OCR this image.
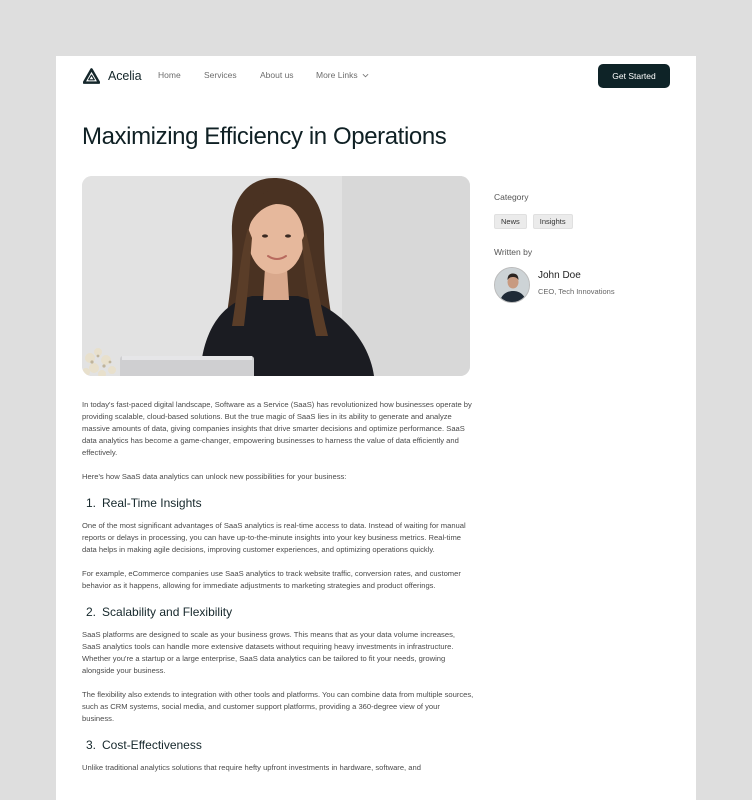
Acelia Home	Services	About us	More Links	Get Started
Maximizing Efficiency in Operations
Category
News	Insights
Written by
John Doe
CEO, Tech Innovations

In today's fast-paced digital landscape, Software as a Service (SaaS) has revolutionized how businesses operate by providing scalable, cloud-based solutions. But the true magic of SaaS lies in its ability to generate and analyze massive amounts of data, giving companies insights that drive smarter decisions and optimize performance. SaaS data analytics has become a game-changer, empowering businesses to harness the value of data efficiently and effectively.

Here's how SaaS data analytics can unlock new possibilities for your business:

1. Real-Time Insights

One of the most significant advantages of SaaS analytics is real-time access to data. Instead of waiting for manual reports or delays in processing, you can have up-to-the-minute insights into your key business metrics. Real-time data helps in making agile decisions, improving customer experiences, and optimizing operations quickly.

For example, eCommerce companies use SaaS analytics to track website traffic, conversion rates, and customer behavior as it happens, allowing for immediate adjustments to marketing strategies and product offerings.

2. Scalability and Flexibility

SaaS platforms are designed to scale as your business grows. This means that as your data volume increases, SaaS analytics tools can handle more extensive datasets without requiring heavy investments in infrastructure. Whether you're a startup or a large enterprise, SaaS data analytics can be tailored to fit your needs, growing alongside your business.

The flexibility also extends to integration with other tools and platforms. You can combine data from multiple sources, such as CRM systems, social media, and customer support platforms, providing a 360-degree view of your business.

3. Cost-Effectiveness

Unlike traditional analytics solutions that require hefty upfront investments in hardware, software, and
